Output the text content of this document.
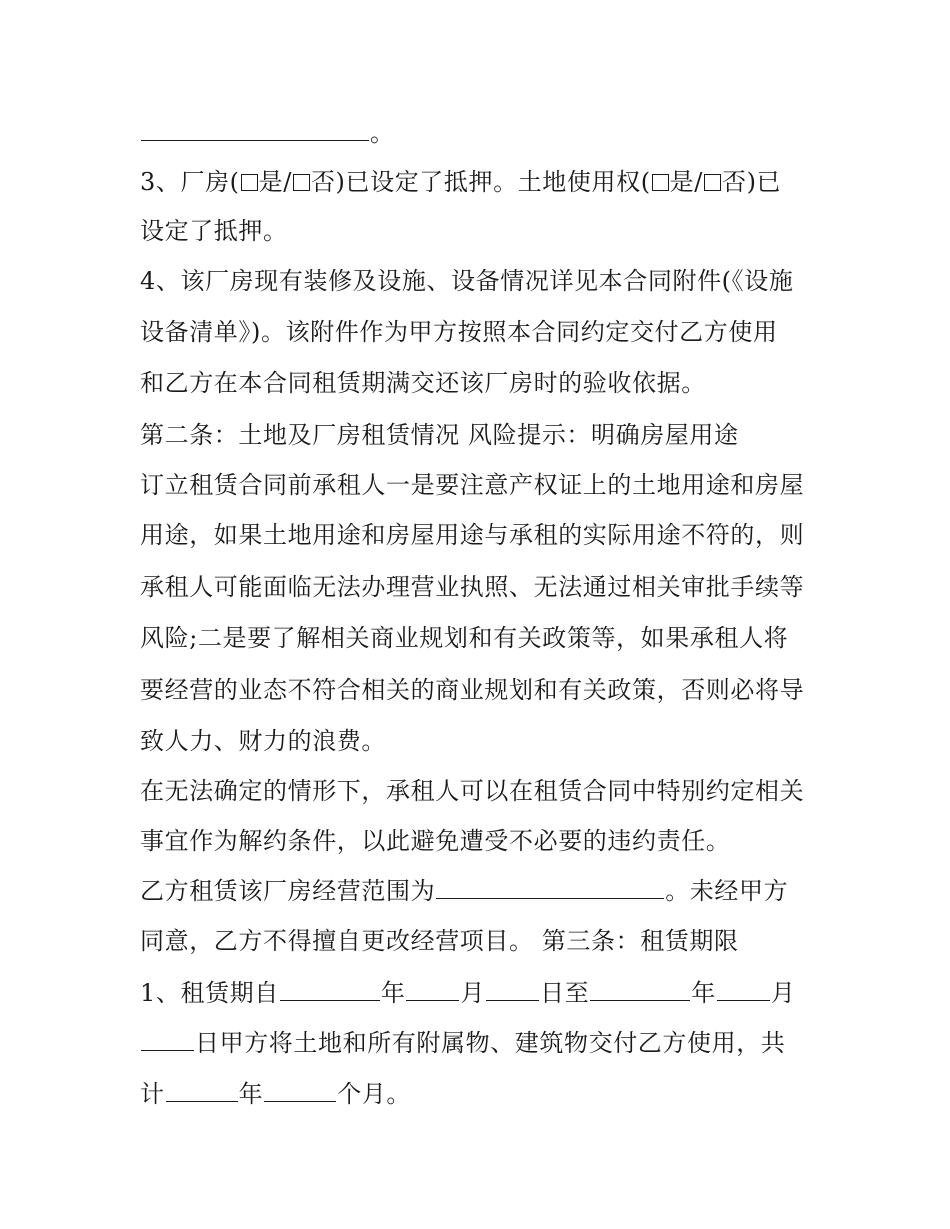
。
3、厂房( 是/ 否)已设定了抵押。土地使用权( 是/ 否)已
设定了抵押。
4、该厂房现有装修及设施、设备情况详见本合同附件(《设施
设备清单》)。该附件作为甲方按照本合同约定交付乙方使用
和乙方在本合同租赁期满交还该厂房时的验收依据。
第二条：土地及厂房租赁情况 风险提示：明确房屋用途
订立租赁合同前承租人一是要注意产权证上的土地用途和房屋
用途，如果土地用途和房屋用途与承租的实际用途不符的，则
承租人可能面临无法办理营业执照、无法通过相关审批手续等
风险;二是要了解相关商业规划和有关政策等，如果承租人将
要经营的业态不符合相关的商业规划和有关政策，否则必将导
致人力、财力的浪费。
在无法确定的情形下，承租人可以在租赁合同中特别约定相关
事宜作为解约条件，以此避免遭受不必要的违约责任。
乙方租赁该厂房经营范围为	。未经甲方
同意，乙方不得擅自更改经营项目。 第三条：租赁期限
1、租赁期自	年 月 日至	年 月
日甲方将土地和所有附属物、建筑物交付乙方使用，共
计	年	个月。
